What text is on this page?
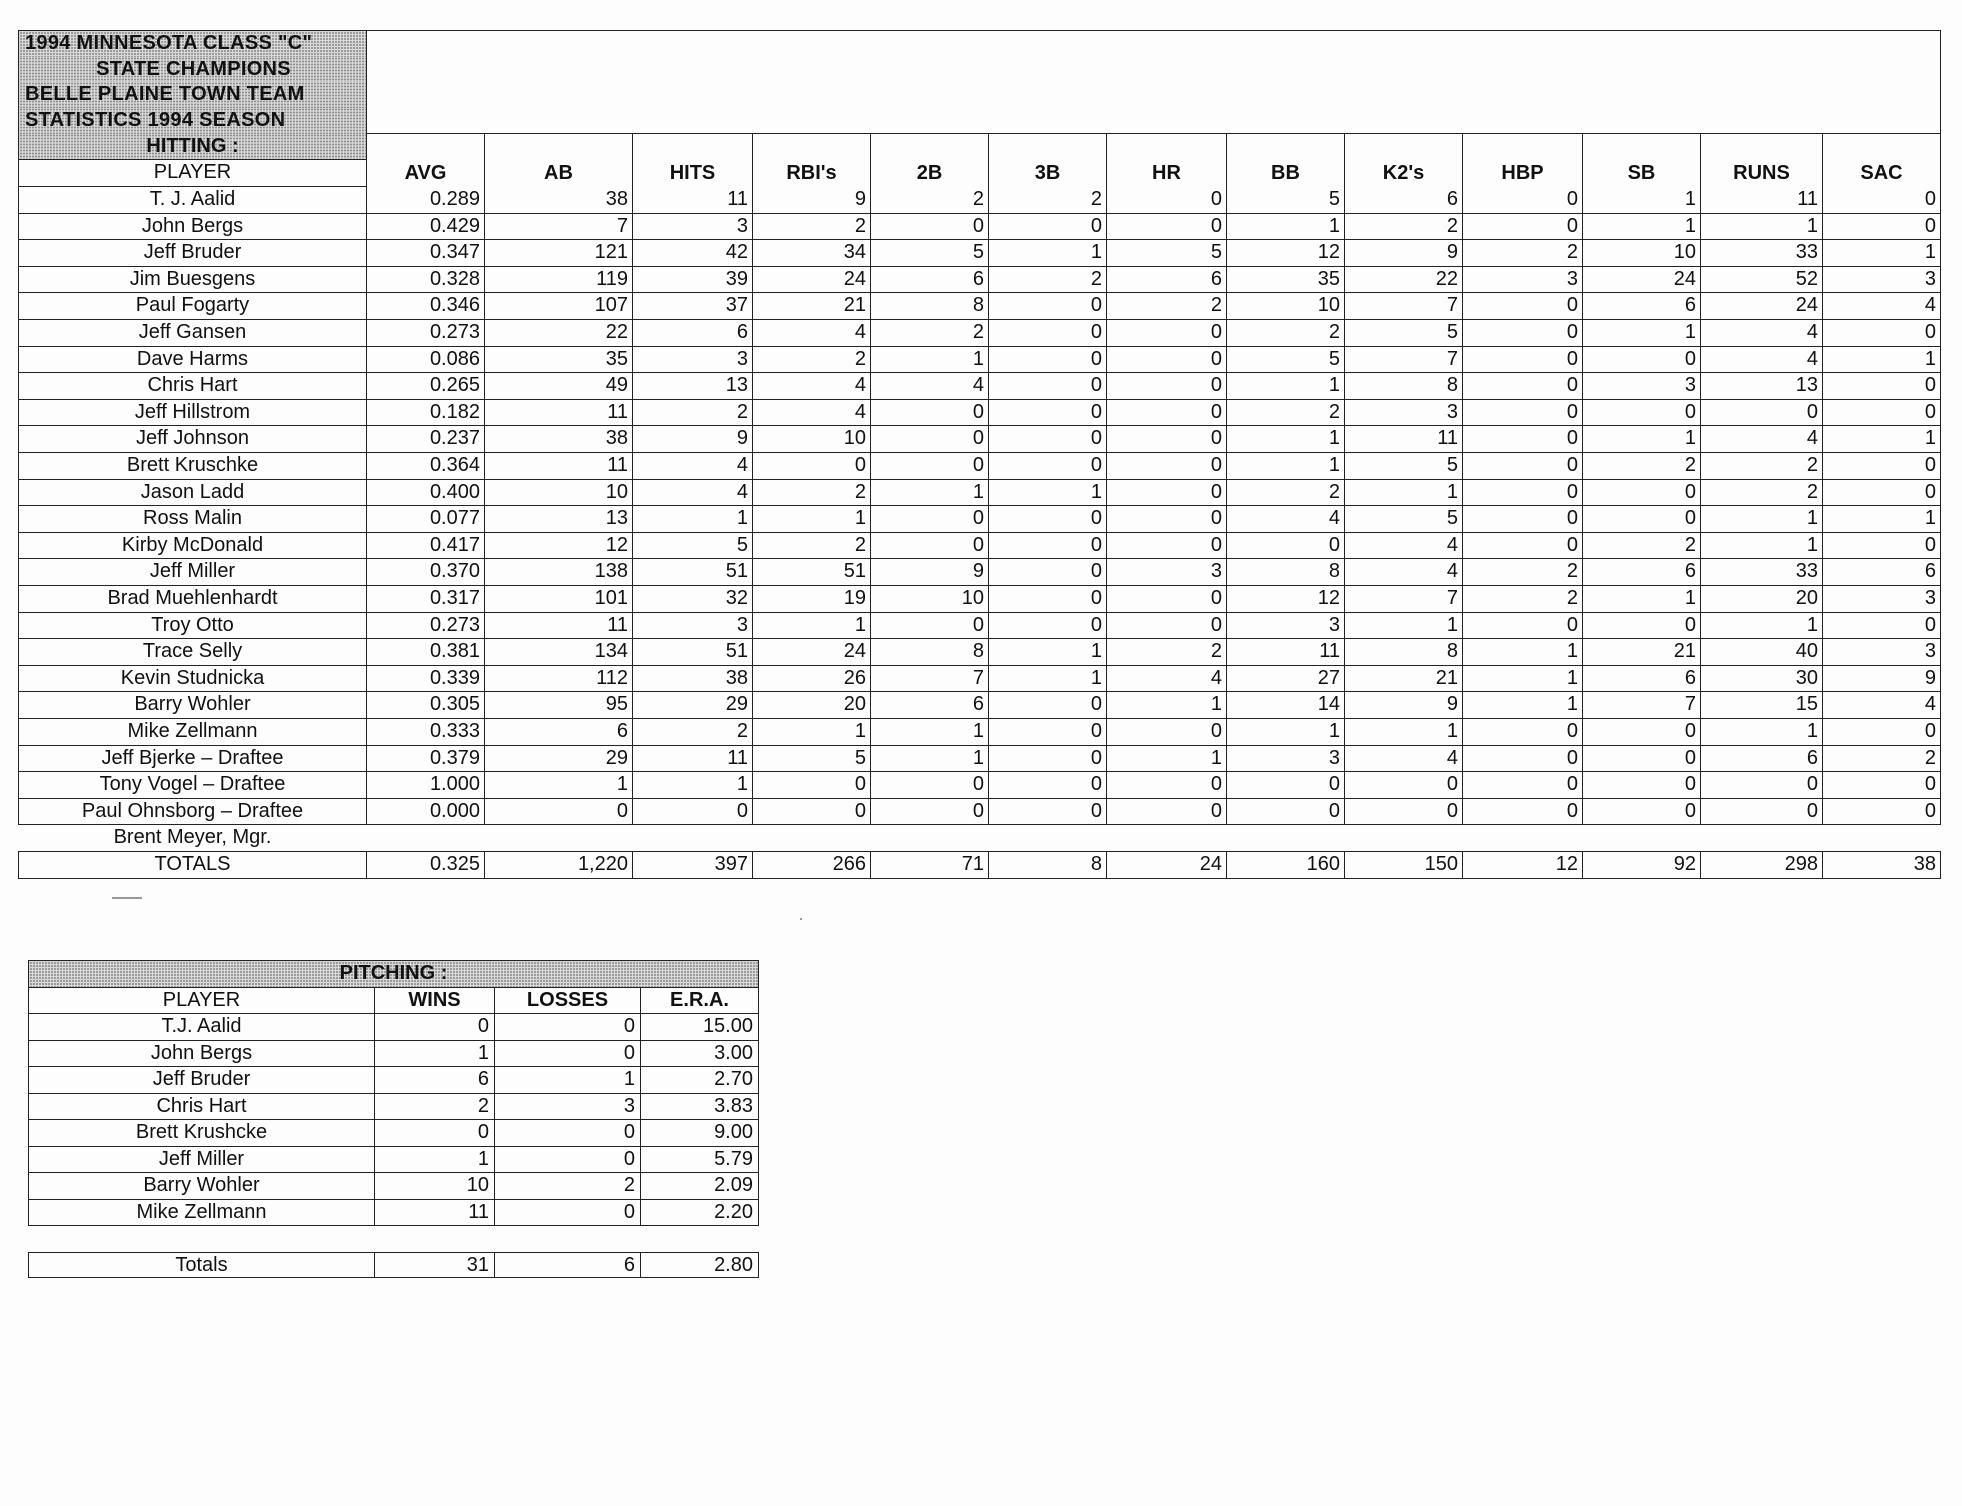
1994 MINNESOTA CLASS "C"													
STATE CHAMPIONS													
BELLE PLAINE TOWN TEAM													
STATISTICS 1994 SEASON													
HITTING :	AVG	AB	HITS	RBI's	2B	3B	HR	BB	K2's	HBP	SB	RUNS	SAC
PLAYER													
T. J. Aalid	0.289	38	11	9	2	2	0	5	6	0	1	11	0
John Bergs	0.429	7	3	2	0	0	0	1	2	0	1	1	0
Jeff Bruder	0.347	121	42	34	5	1	5	12	9	2	10	33	1
Jim Buesgens	0.328	119	39	24	6	2	6	35	22	3	24	52	3
Paul Fogarty	0.346	107	37	21	8	0	2	10	7	0	6	24	4
Jeff Gansen	0.273	22	6	4	2	0	0	2	5	0	1	4	0
Dave Harms	0.086	35	3	2	1	0	0	5	7	0	0	4	1
Chris Hart	0.265	49	13	4	4	0	0	1	8	0	3	13	0
Jeff Hillstrom	0.182	11	2	4	0	0	0	2	3	0	0	0	0
Jeff Johnson	0.237	38	9	10	0	0	0	1	11	0	1	4	1
Brett Kruschke	0.364	11	4	0	0	0	0	1	5	0	2	2	0
Jason Ladd	0.400	10	4	2	1	1	0	2	1	0	0	2	0
Ross Malin	0.077	13	1	1	0	0	0	4	5	0	0	1	1
Kirby McDonald	0.417	12	5	2	0	0	0	0	4	0	2	1	0
Jeff Miller	0.370	138	51	51	9	0	3	8	4	2	6	33	6
Brad Muehlenhardt	0.317	101	32	19	10	0	0	12	7	2	1	20	3
Troy Otto	0.273	11	3	1	0	0	0	3	1	0	0	1	0
Trace Selly	0.381	134	51	24	8	1	2	11	8	1	21	40	3
Kevin Studnicka	0.339	112	38	26	7	1	4	27	21	1	6	30	9
Barry Wohler	0.305	95	29	20	6	0	1	14	9	1	7	15	4
Mike Zellmann	0.333	6	2	1	1	0	0	1	1	0	0	1	0
Jeff Bjerke – Draftee	0.379	29	11	5	1	0	1	3	4	0	0	6	2
Tony Vogel – Draftee	1.000	1	1	0	0	0	0	0	0	0	0	0	0
Paul Ohnsborg – Draftee	0.000	0	0	0	0	0	0	0	0	0	0	0	0
Brent Meyer, Mgr.													
TOTALS	0.325	1,220	397	266	71	8	24	160	150	12	92	298	38
PITCHING :			
PLAYER	WINS	LOSSES	E.R.A.
T.J. Aalid	0	0	15.00
John Bergs	1	0	3.00
Jeff Bruder	6	1	2.70
Chris Hart	2	3	3.83
Brett Krushcke	0	0	9.00
Jeff Miller	1	0	5.79
Barry Wohler	10	2	2.09
Mike Zellmann	11	0	2.20
Totals	31	6	2.80
